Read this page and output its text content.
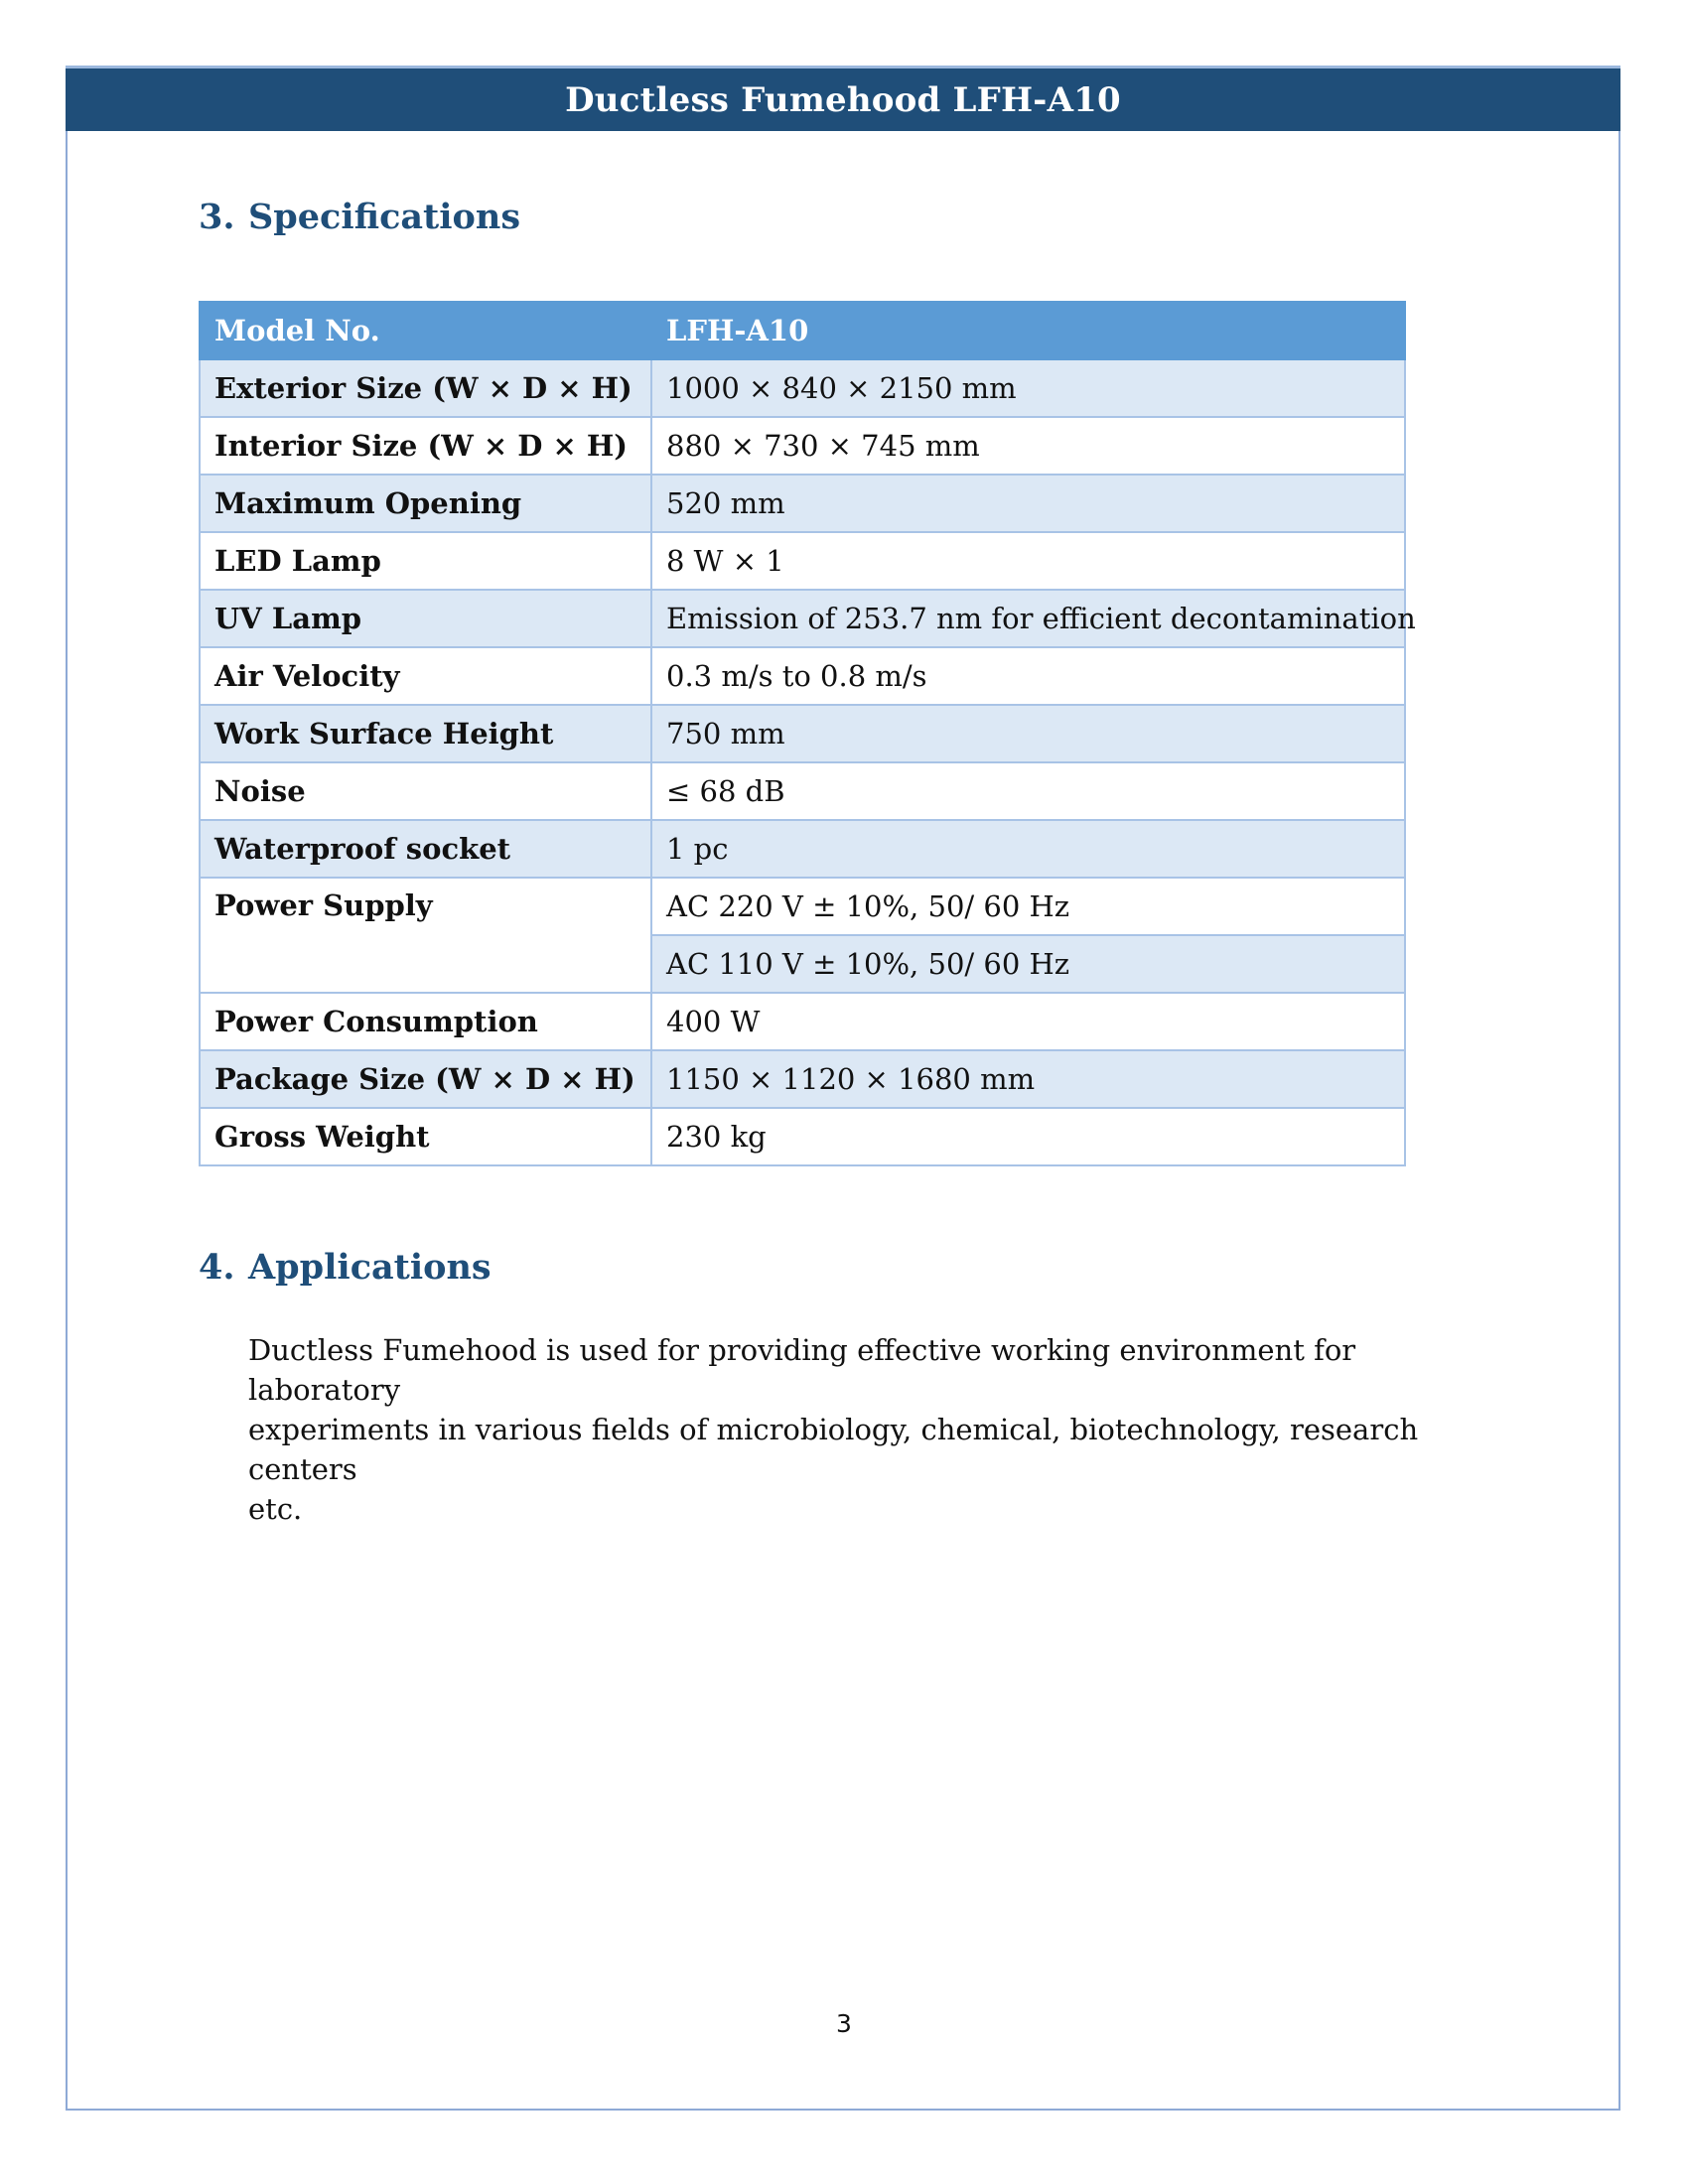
Ductless Fumehood LFH-A10
3. Specifications
Model No.	LFH-A10
Exterior Size (W × D × H)	1000 × 840 × 2150 mm
Interior Size (W × D × H)	880 × 730 × 745 mm
Maximum Opening	520 mm
LED Lamp	8 W × 1
UV Lamp	Emission of 253.7 nm for efficient decontamination
Air Velocity	0.3 m/s to 0.8 m/s
Work Surface Height	750 mm
Noise	≤ 68 dB
Waterproof socket	1 pc
Power Supply	AC 220 V ± 10%, 50/ 60 Hz
	AC 110 V ± 10%, 50/ 60 Hz
Power Consumption	400 W
Package Size (W × D × H)	1150 × 1120 × 1680 mm
Gross Weight	230 kg
4. Applications
Ductless Fumehood is used for providing effective working environment for laboratory
experiments in various fields of microbiology, chemical, biotechnology, research centers
etc.
3
